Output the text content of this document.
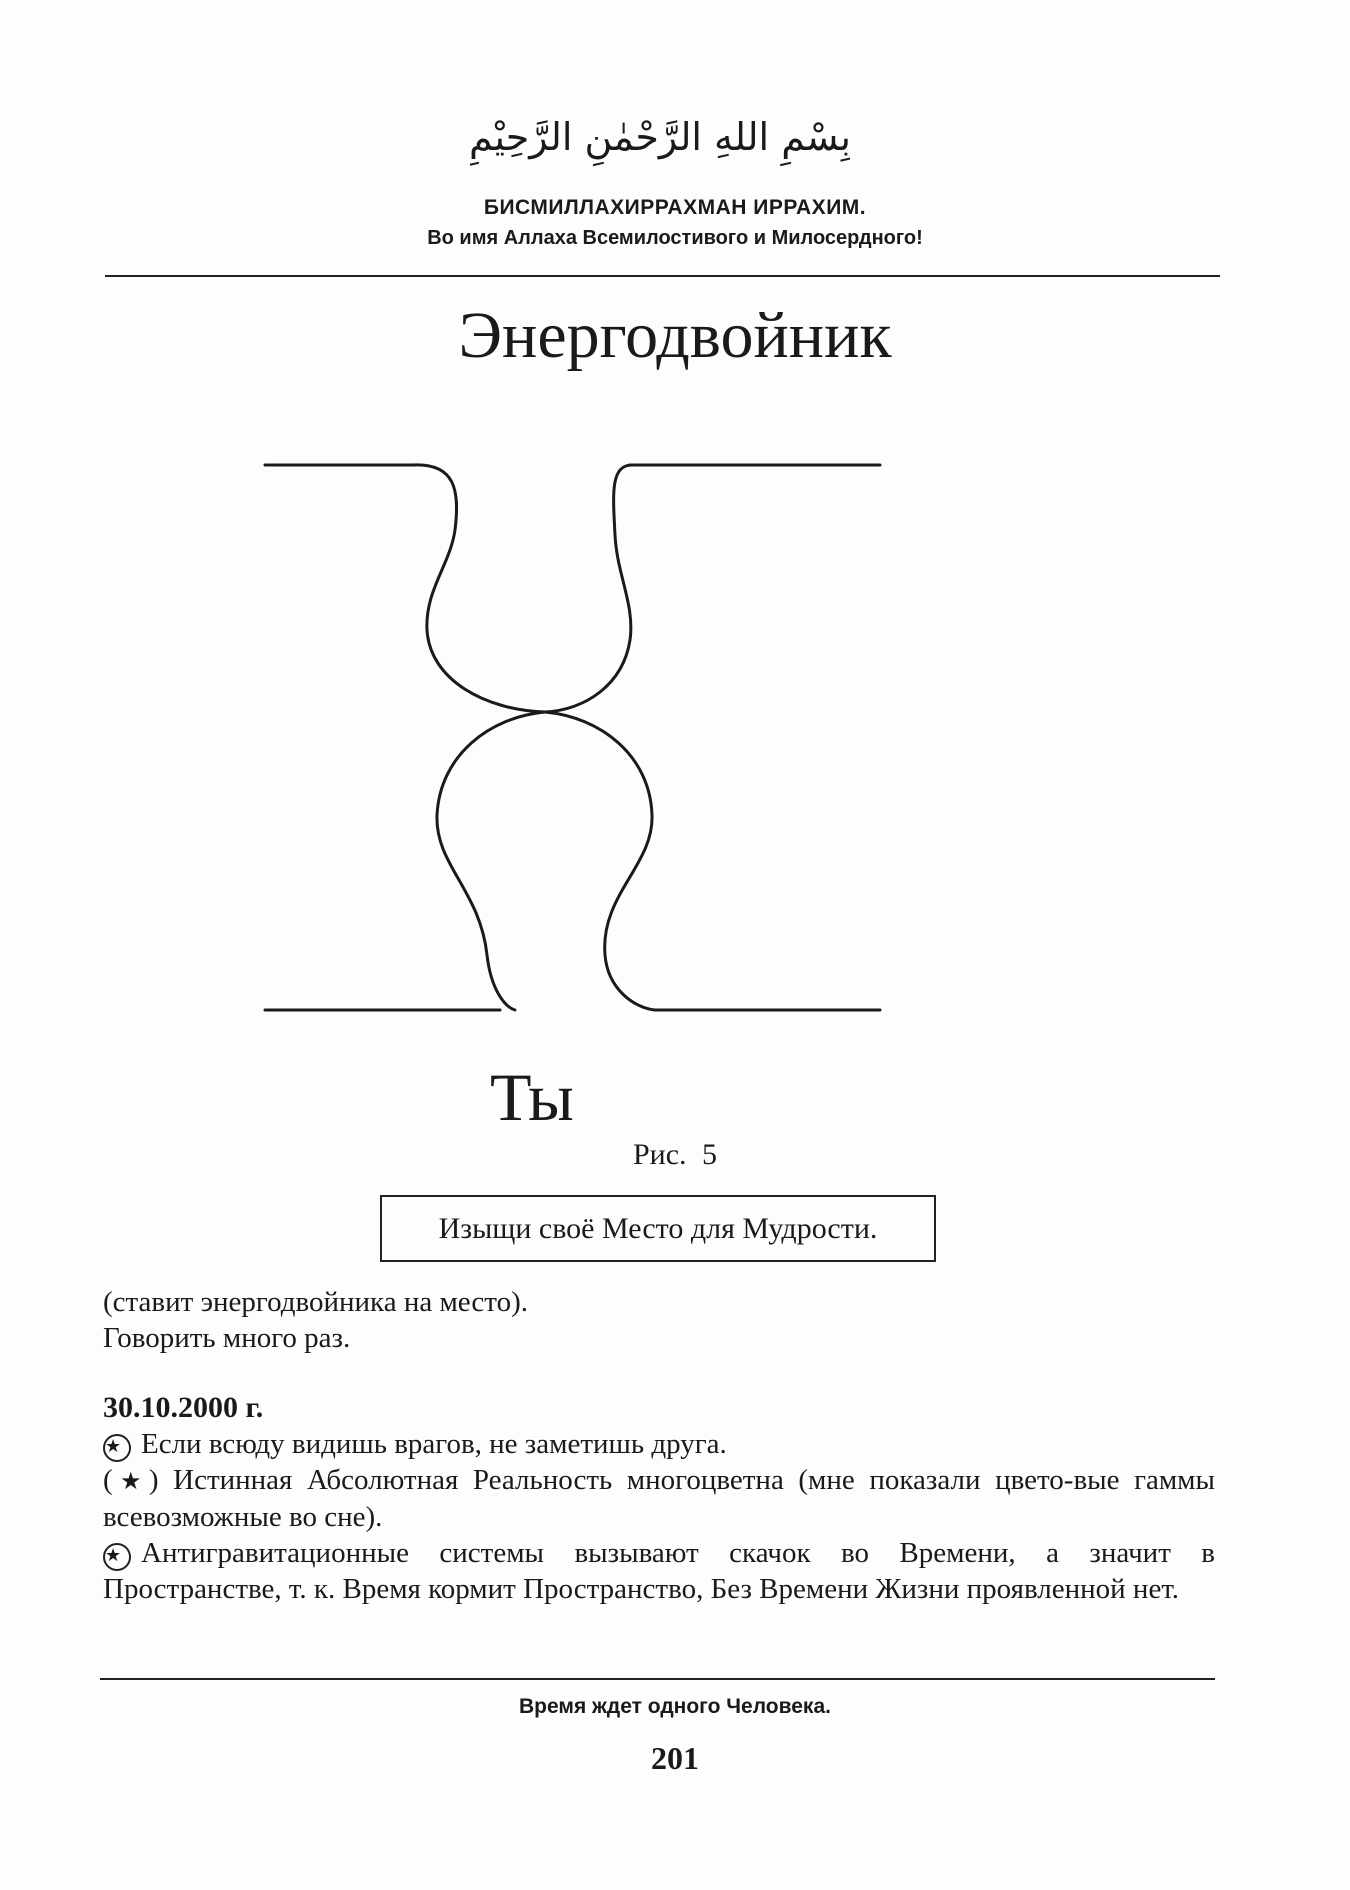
بِسْمِ اللهِ الرَّحْمٰنِ الرَّحِيْمِ
БИСМИЛЛАХИРРАХМАН ИРРАХИМ.
Во имя Аллаха Всемилостивого и Милосердного!
Энергодвойник
Ты
Рис. 5
Изыщи своё Место для Мудрости.
(ставит энергодвойника на место).
Говорить много раз.
30.10.2000 г.
★ Если всюду видишь врагов, не заметишь друга.
(★) Истинная Абсолютная Реальность многоцветна (мне показали цвето-вые гаммы всевозможные во сне).
★ Антигравитационные системы вызывают скачок во Времени, а значит в Пространстве, т. к. Время кормит Пространство, Без Времени Жизни проявленной нет.
Время ждет одного Человека.
201
